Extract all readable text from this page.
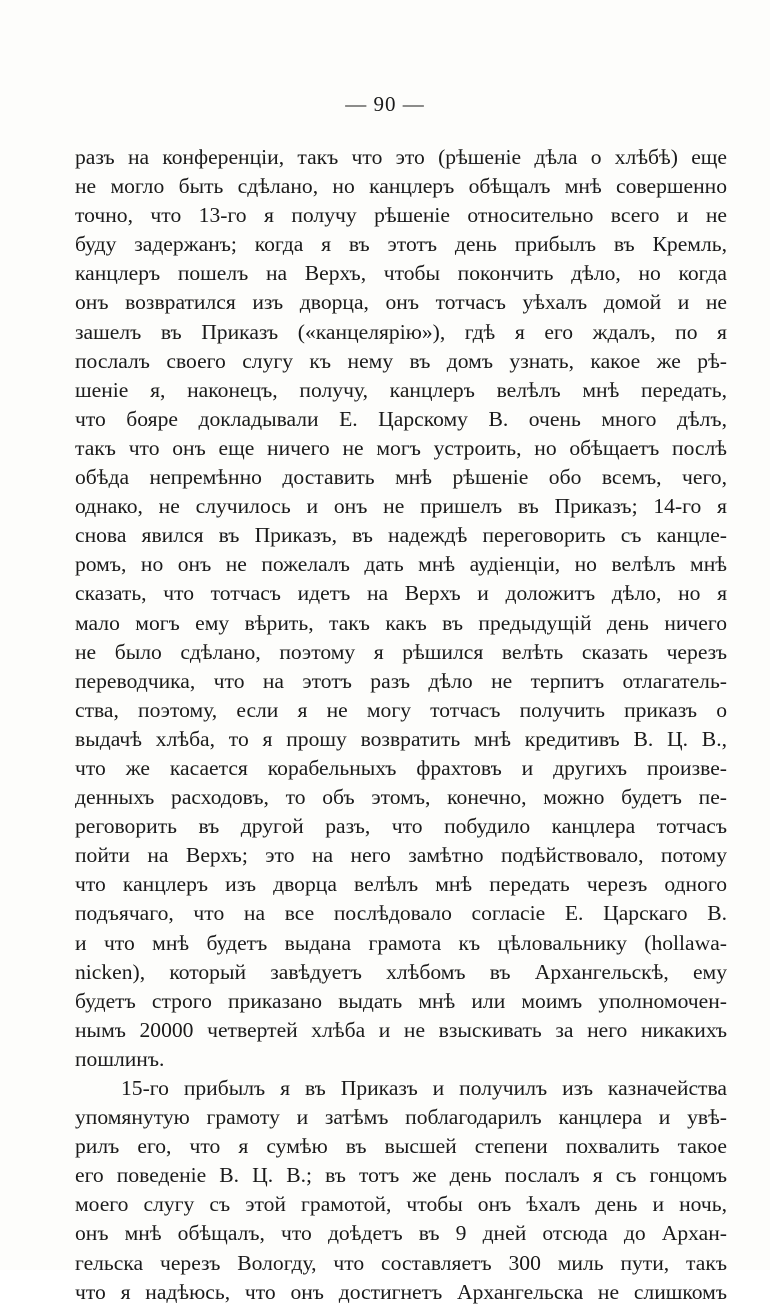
— 90 —
разъ на конференціи, такъ что это (рѣшеніе дѣла о хлѣбѣ) еще
не могло быть сдѣлано, но канцлеръ обѣщалъ мнѣ совершенно
точно, что 13-го я получу рѣшеніе относительно всего и не
буду задержанъ; когда я въ этотъ день прибылъ въ Кремль,
канцлеръ пошелъ на Верхъ, чтобы покончить дѣло, но когда
онъ возвратился изъ дворца, онъ тотчасъ уѣхалъ домой и не
зашелъ въ Приказъ («канцелярію»), гдѣ я его ждалъ, по я
послалъ своего слугу къ нему въ домъ узнать, какое же рѣ-
шеніе я, наконецъ, получу, канцлеръ велѣлъ мнѣ передать,
что бояре докладывали Е. Царскому В. очень много дѣлъ,
такъ что онъ еще ничего не могъ устроить, но обѣщаетъ послѣ
обѣда непремѣнно доставить мнѣ рѣшеніе обо всемъ, чего,
однако, не случилось и онъ не пришелъ въ Приказъ; 14-го я
снова явился въ Приказъ, въ надеждѣ переговорить съ канцле-
ромъ, но онъ не пожелалъ дать мнѣ аудіенціи, но велѣлъ мнѣ
сказать, что тотчасъ идетъ на Верхъ и доложитъ дѣло, но я
мало могъ ему вѣрить, такъ какъ въ предыдущій день ничего
не было сдѣлано, поэтому я рѣшился велѣть сказать черезъ
переводчика, что на этотъ разъ дѣло не терпитъ отлагатель-
ства, поэтому, если я не могу тотчасъ получить приказъ о
выдачѣ хлѣба, то я прошу возвратить мнѣ кредитивъ В. Ц. В.,
что же касается корабельныхъ фрахтовъ и другихъ произве-
денныхъ расходовъ, то объ этомъ, конечно, можно будетъ пе-
реговорить въ другой разъ, что побудило канцлера тотчасъ
пойти на Верхъ; это на него замѣтно подѣйствовало, потому
что канцлеръ изъ дворца велѣлъ мнѣ передать черезъ одного
подъячаго, что на все послѣдовало согласіе Е. Царскаго В.
и что мнѣ будетъ выдана грамота къ цѣловальнику (hollawa-
nicken), который завѣдуетъ хлѣбомъ въ Архангельскѣ, ему
будетъ строго приказано выдать мнѣ или моимъ уполномочен-
нымъ 20000 четвертей хлѣба и не взыскивать за него никакихъ
пошлинъ.
15-го прибылъ я въ Приказъ и получилъ изъ казначейства
упомянутую грамоту и затѣмъ поблагодарилъ канцлера и увѣ-
рилъ его, что я сумѣю въ высшей степени похвалить такое
его поведеніе В. Ц. В.; въ тотъ же день послалъ я съ гонцомъ
моего слугу съ этой грамотой, чтобы онъ ѣхалъ день и ночь,
онъ мнѣ обѣщалъ, что доѣдетъ въ 9 дней отсюда до Архан-
гельска черезъ Вологду, что составляетъ 300 миль пути, такъ
что я надѣюсь, что онъ достигнетъ Архангельска не слишкомъ
